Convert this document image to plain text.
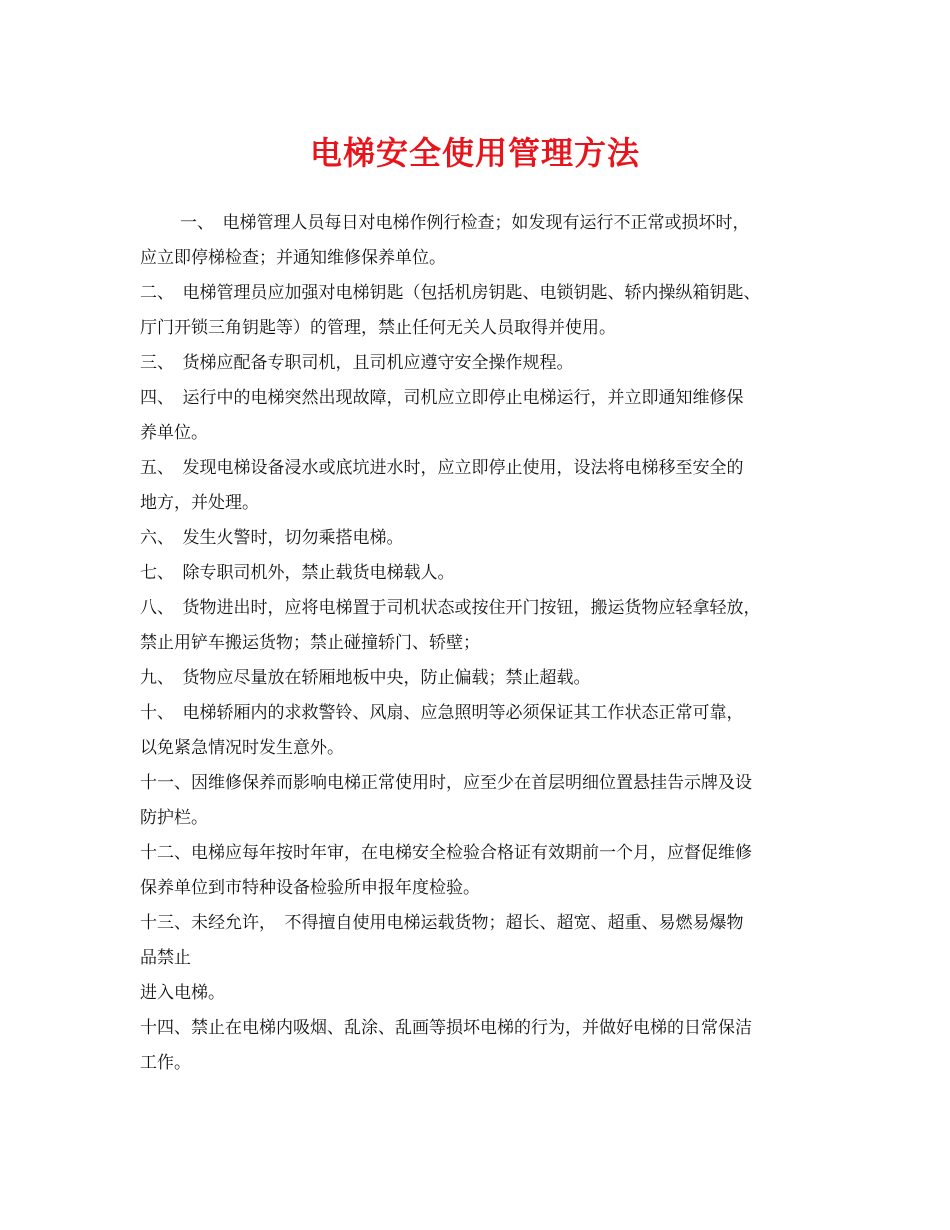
电梯安全使用管理方法
一、　电梯管理人员每日对电梯作例行检查；如发现有运行不正常或损坏时，
应立即停梯检查；并通知维修保养单位。
二、　电梯管理员应加强对电梯钥匙（包括机房钥匙、电锁钥匙、轿内操纵箱钥匙、
厅门开锁三角钥匙等）的管理，禁止任何无关人员取得并使用。
三、　货梯应配备专职司机，且司机应遵守安全操作规程。
四、　运行中的电梯突然出现故障，司机应立即停止电梯运行，并立即通知维修保
养单位。
五、　发现电梯设备浸水或底坑进水时，应立即停止使用，设法将电梯移至安全的
地方，并处理。
六、　发生火警时，切勿乘搭电梯。
七、　除专职司机外，禁止载货电梯载人。
八、　货物进出时，应将电梯置于司机状态或按住开门按钮，搬运货物应轻拿轻放，
禁止用铲车搬运货物；禁止碰撞轿门、轿壁；
九、　货物应尽量放在轿厢地板中央，防止偏载；禁止超载。
十、　电梯轿厢内的求救警铃、风扇、应急照明等必须保证其工作状态正常可靠，
以免紧急情况时发生意外。
十一、因维修保养而影响电梯正常使用时，应至少在首层明细位置悬挂告示牌及设
防护栏。
十二、电梯应每年按时年审，在电梯安全检验合格证有效期前一个月，应督促维修
保养单位到市特种设备检验所申报年度检验。
十三、未经允许，　不得擅自使用电梯运载货物；超长、超宽、超重、易燃易爆物
品禁止
进入电梯。
十四、禁止在电梯内吸烟、乱涂、乱画等损坏电梯的行为，并做好电梯的日常保洁
工作。
